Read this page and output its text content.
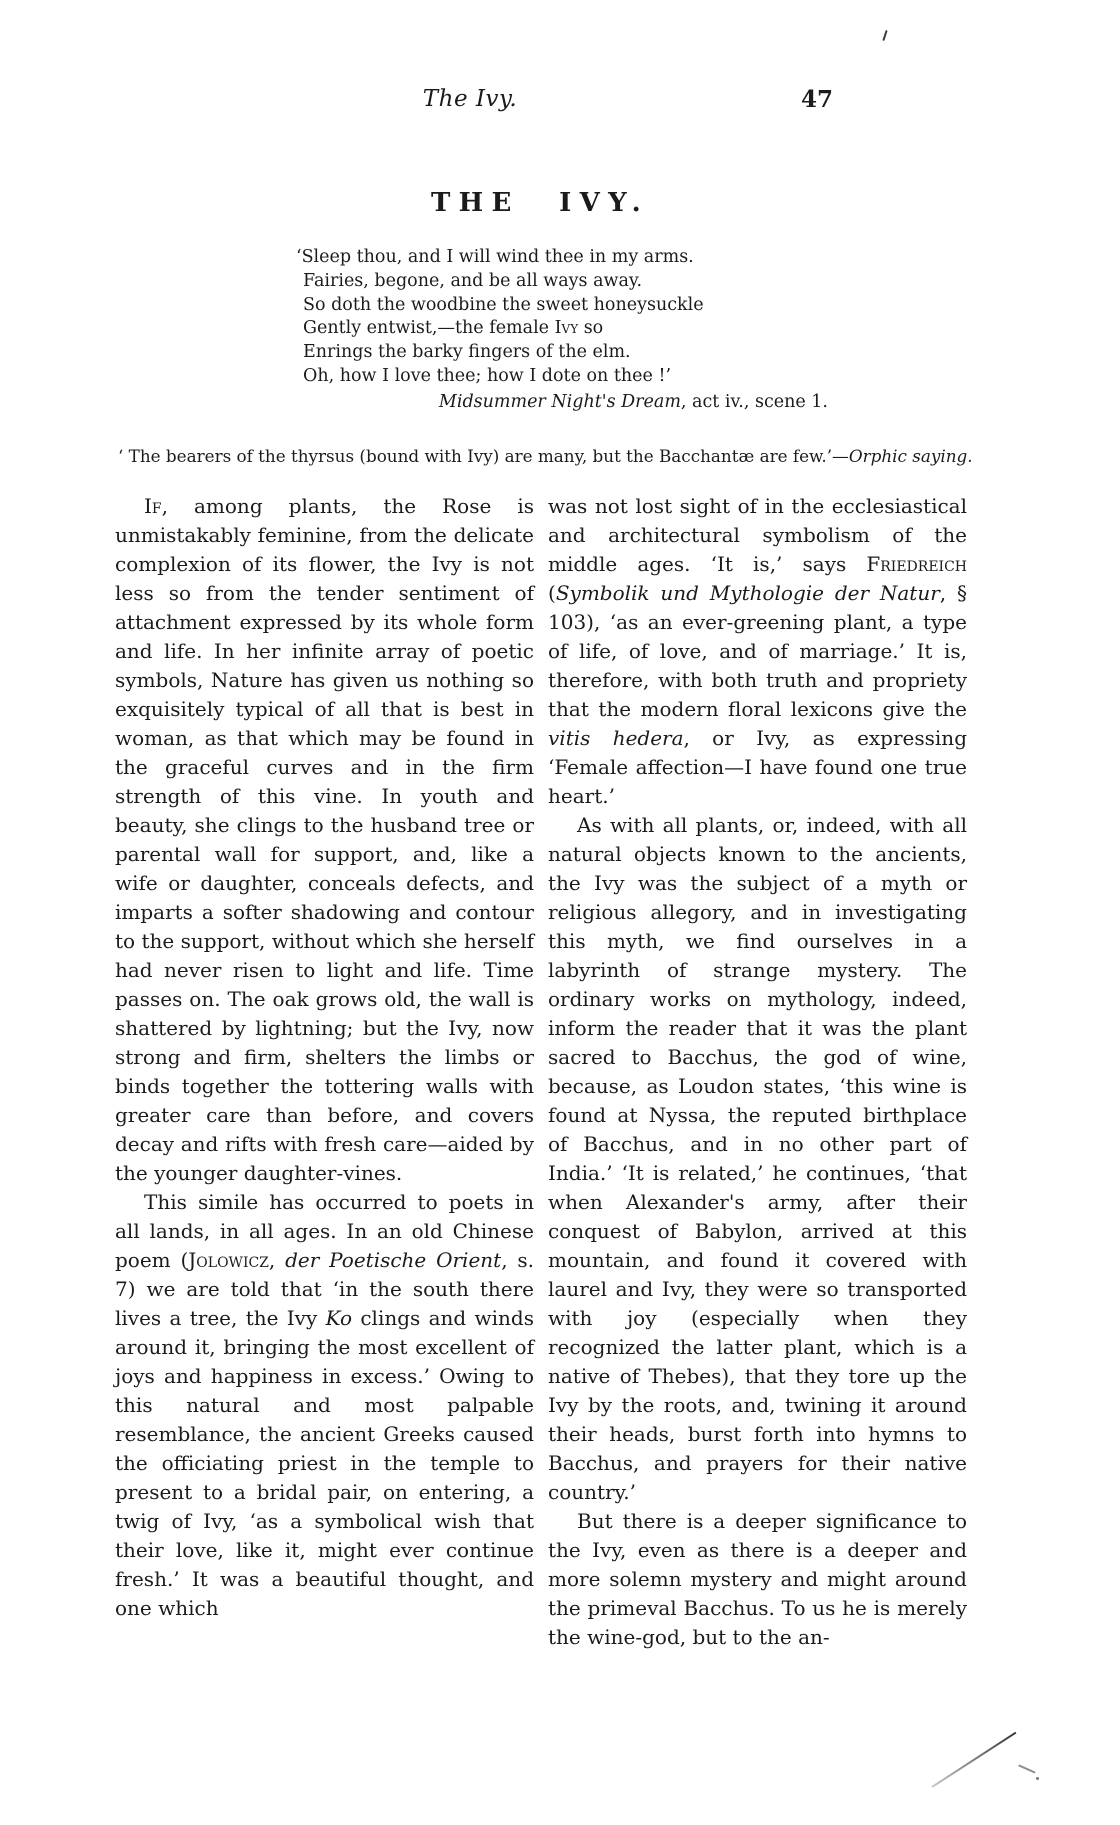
The Ivy.	47
THE IVY.
‘Sleep thou, and I will wind thee in my arms.
Fairies, begone, and be all ways away.
So doth the woodbine the sweet honeysuckle
Gently entwist,—the female Ivy so
Enrings the barky fingers of the elm.
Oh, how I love thee; how I dote on thee !’
Midsummer Night's Dream, act iv., scene 1.
‘ The bearers of the thyrsus (bound with Ivy) are many, but the Bacchantæ are few.’—Orphic saying.

If, among plants, the Rose is unmistakably feminine, from the delicate complexion of its flower, the Ivy is not less so from the tender sentiment of attachment expressed by its whole form and life. In her infinite array of poetic symbols, Nature has given us nothing so exquisitely typical of all that is best in woman, as that which may be found in the graceful curves and in the firm strength of this vine. In youth and beauty, she clings to the husband tree or parental wall for support, and, like a wife or daughter, conceals defects, and imparts a softer shadowing and contour to the support, without which she herself had never risen to light and life. Time passes on. The oak grows old, the wall is shattered by lightning; but the Ivy, now strong and firm, shelters the limbs or binds together the tottering walls with greater care than before, and covers decay and rifts with fresh care—aided by the younger daughter-vines.

This simile has occurred to poets in all lands, in all ages. In an old Chinese poem (Jolowicz, der Poetische Orient, s. 7) we are told that ‘in the south there lives a tree, the Ivy Ko clings and winds around it, bringing the most excellent of joys and happiness in excess.’ Owing to this natural and most palpable resemblance, the ancient Greeks caused the officiating priest in the temple to present to a bridal pair, on entering, a twig of Ivy, ‘as a symbolical wish that their love, like it, might ever continue fresh.’ It was a beautiful thought, and one which

was not lost sight of in the ecclesiastical and architectural symbolism of the middle ages. ‘It is,’ says Friedreich (Symbolik und Mythologie der Natur, § 103), ‘as an ever-greening plant, a type of life, of love, and of marriage.’ It is, therefore, with both truth and propriety that the modern floral lexicons give the vitis hedera, or Ivy, as expressing ‘Female affection—I have found one true heart.’

As with all plants, or, indeed, with all natural objects known to the ancients, the Ivy was the subject of a myth or religious allegory, and in investigating this myth, we find ourselves in a labyrinth of strange mystery. The ordinary works on mythology, indeed, inform the reader that it was the plant sacred to Bacchus, the god of wine, because, as Loudon states, ‘this wine is found at Nyssa, the reputed birthplace of Bacchus, and in no other part of India.’ ‘It is related,’ he continues, ‘that when Alexander's army, after their conquest of Babylon, arrived at this mountain, and found it covered with laurel and Ivy, they were so transported with joy (especially when they recognized the latter plant, which is a native of Thebes), that they tore up the Ivy by the roots, and, twining it around their heads, burst forth into hymns to Bacchus, and prayers for their native country.’

But there is a deeper significance to the Ivy, even as there is a deeper and more solemn mystery and might around the primeval Bacchus. To us he is merely the wine-god, but to the an-
